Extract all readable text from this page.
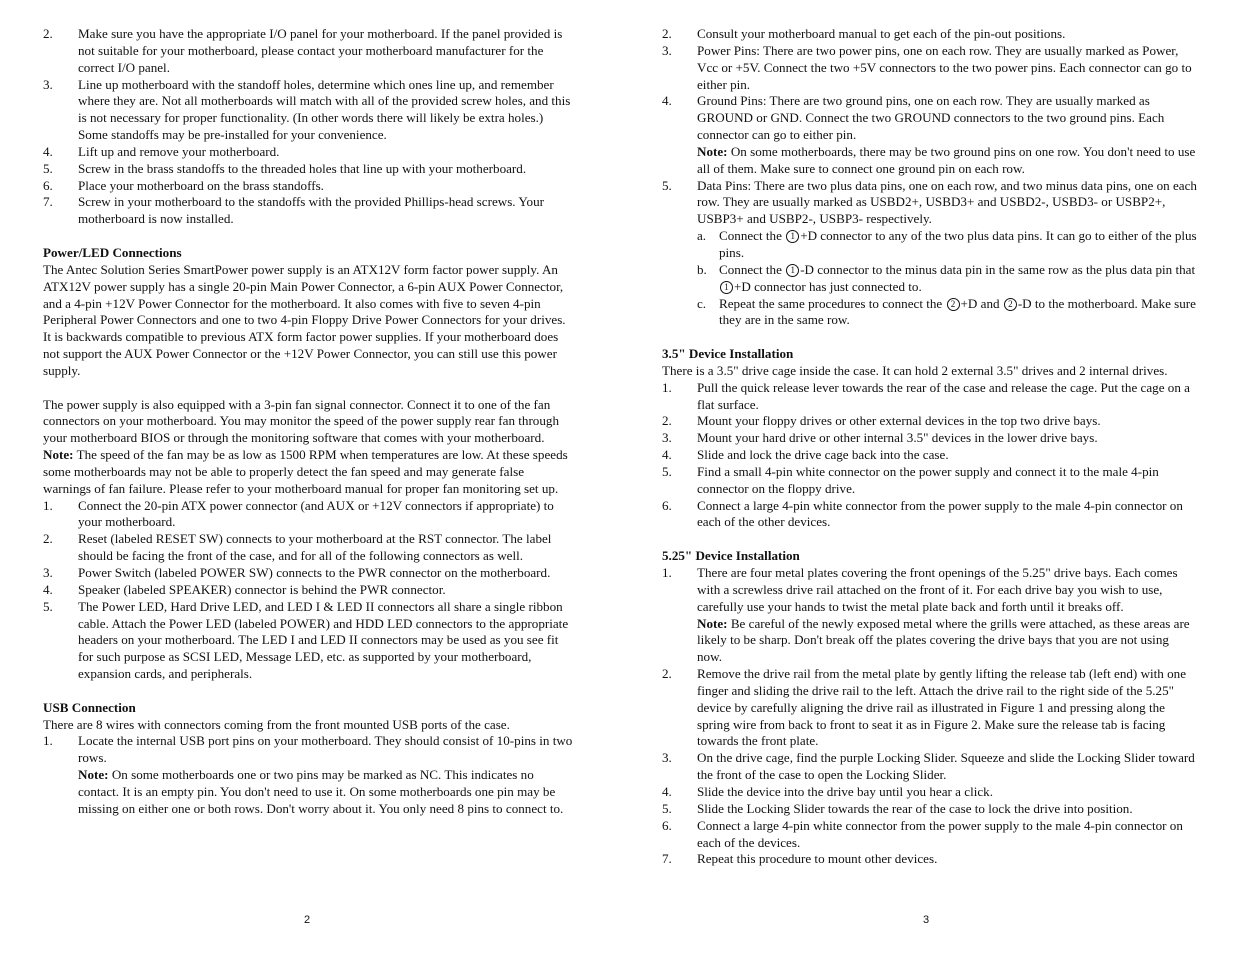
2.	Make sure you have the appropriate I/O panel for your motherboard. If the panel provided is not suitable for your motherboard, please contact your motherboard manufacturer for the correct I/O panel.
3.	Line up motherboard with the standoff holes, determine which ones line up, and remember where they are. Not all motherboards will match with all of the provided screw holes, and this is not necessary for proper functionality. (In other words there will likely be extra holes.) Some standoffs may be pre-installed for your convenience.
4.	Lift up and remove your motherboard.
5.	Screw in the brass standoffs to the threaded holes that line up with your motherboard.
6.	Place your motherboard on the brass standoffs.
7.	Screw in your motherboard to the standoffs with the provided Phillips-head screws. Your motherboard is now installed.
Power/LED Connections

The Antec Solution Series SmartPower power supply is an ATX12V form factor power supply. An ATX12V power supply has a single 20-pin Main Power Connector, a 6-pin AUX Power Connector, and a 4-pin +12V Power Connector for the motherboard. It also comes with five to seven 4-pin Peripheral Power Connectors and one to two 4-pin Floppy Drive Power Connectors for your drives. It is backwards compatible to previous ATX form factor power supplies. If your motherboard does not support the AUX Power Connector or the +12V Power Connector, you can still use this power supply.

The power supply is also equipped with a 3-pin fan signal connector. Connect it to one of the fan connectors on your motherboard. You may monitor the speed of the power supply rear fan through your motherboard BIOS or through the monitoring software that comes with your motherboard. Note: The speed of the fan may be as low as 1500 RPM when temperatures are low. At these speeds some motherboards may not be able to properly detect the fan speed and may generate false warnings of fan failure. Please refer to your motherboard manual for proper fan monitoring set up.

1.	Connect the 20-pin ATX power connector (and AUX or +12V connectors if appropriate) to your motherboard.
2.	Reset (labeled RESET SW) connects to your motherboard at the RST connector. The label should be facing the front of the case, and for all of the following connectors as well.
3.	Power Switch (labeled POWER SW) connects to the PWR connector on the motherboard.
4.	Speaker (labeled SPEAKER) connector is behind the PWR connector.
5.	The Power LED, Hard Drive LED, and LED I & LED II connectors all share a single ribbon cable. Attach the Power LED (labeled POWER) and HDD LED connectors to the appropriate headers on your motherboard. The LED I and LED II connectors may be used as you see fit for such purpose as SCSI LED, Message LED, etc. as supported by your motherboard, expansion cards, and peripherals.
USB Connection

There are 8 wires with connectors coming from the front mounted USB ports of the case.

1.	Locate the internal USB port pins on your motherboard. They should consist of 10-pins in two rows.
Note: On some motherboards one or two pins may be marked as NC. This indicates no contact. It is an empty pin. You don't need to use it. On some motherboards one pin may be missing on either one or both rows. Don't worry about it. You only need 8 pins to connect to.
2
2.	Consult your motherboard manual to get each of the pin-out positions.
3.	Power Pins: There are two power pins, one on each row. They are usually marked as Power, Vcc or +5V. Connect the two +5V connectors to the two power pins. Each connector can go to either pin.
4.	Ground Pins: There are two ground pins, one on each row. They are usually marked as GROUND or GND. Connect the two GROUND connectors to the two ground pins. Each connector can go to either pin.
Note: On some motherboards, there may be two ground pins on one row. You don't need to use all of them. Make sure to connect one ground pin on each row.
5.	Data Pins: There are two plus data pins, one on each row, and two minus data pins, one on each row. They are usually marked as USBD2+, USBD3+ and USBD2-, USBD3- or USBP2+, USBP3+ and USBP2-, USBP3- respectively.
a. Connect the 1 +D connector to any of the two plus data pins. It can go to either of the plus pins.
b. Connect the 1 -D connector to the minus data pin in the same row as the plus data pin that 1 +D connector has just connected to.
c. Repeat the same procedures to connect the 2 +D and 2 -D to the motherboard. Make sure they are in the same row.
3.5" Device Installation

There is a 3.5" drive cage inside the case. It can hold 2 external 3.5" drives and 2 internal drives.

1.	Pull the quick release lever towards the rear of the case and release the cage. Put the cage on a flat surface.
2.	Mount your floppy drives or other external devices in the top two drive bays.
3.	Mount your hard drive or other internal 3.5" devices in the lower drive bays.
4.	Slide and lock the drive cage back into the case.
5.	Find a small 4-pin white connector on the power supply and connect it to the male 4-pin connector on the floppy drive.
6.	Connect a large 4-pin white connector from the power supply to the male 4-pin connector on each of the other devices.
5.25" Device Installation
1.	There are four metal plates covering the front openings of the 5.25" drive bays. Each comes with a screwless drive rail attached on the front of it. For each drive bay you wish to use, carefully use your hands to twist the metal plate back and forth until it breaks off.
Note: Be careful of the newly exposed metal where the grills were attached, as these areas are likely to be sharp. Don't break off the plates covering the drive bays that you are not using now.
2.	Remove the drive rail from the metal plate by gently lifting the release tab (left end) with one finger and sliding the drive rail to the left. Attach the drive rail to the right side of the 5.25" device by carefully aligning the drive rail as illustrated in Figure 1 and pressing along the spring wire from back to front to seat it as in Figure 2. Make sure the release tab is facing towards the front plate.
3.	On the drive cage, find the purple Locking Slider. Squeeze and slide the Locking Slider toward the front of the case to open the Locking Slider.
4.	Slide the device into the drive bay until you hear a click.
5.	Slide the Locking Slider towards the rear of the case to lock the drive into position.
6.	Connect a large 4-pin white connector from the power supply to the male 4-pin connector on each of the devices.
7.	Repeat this procedure to mount other devices.
3
